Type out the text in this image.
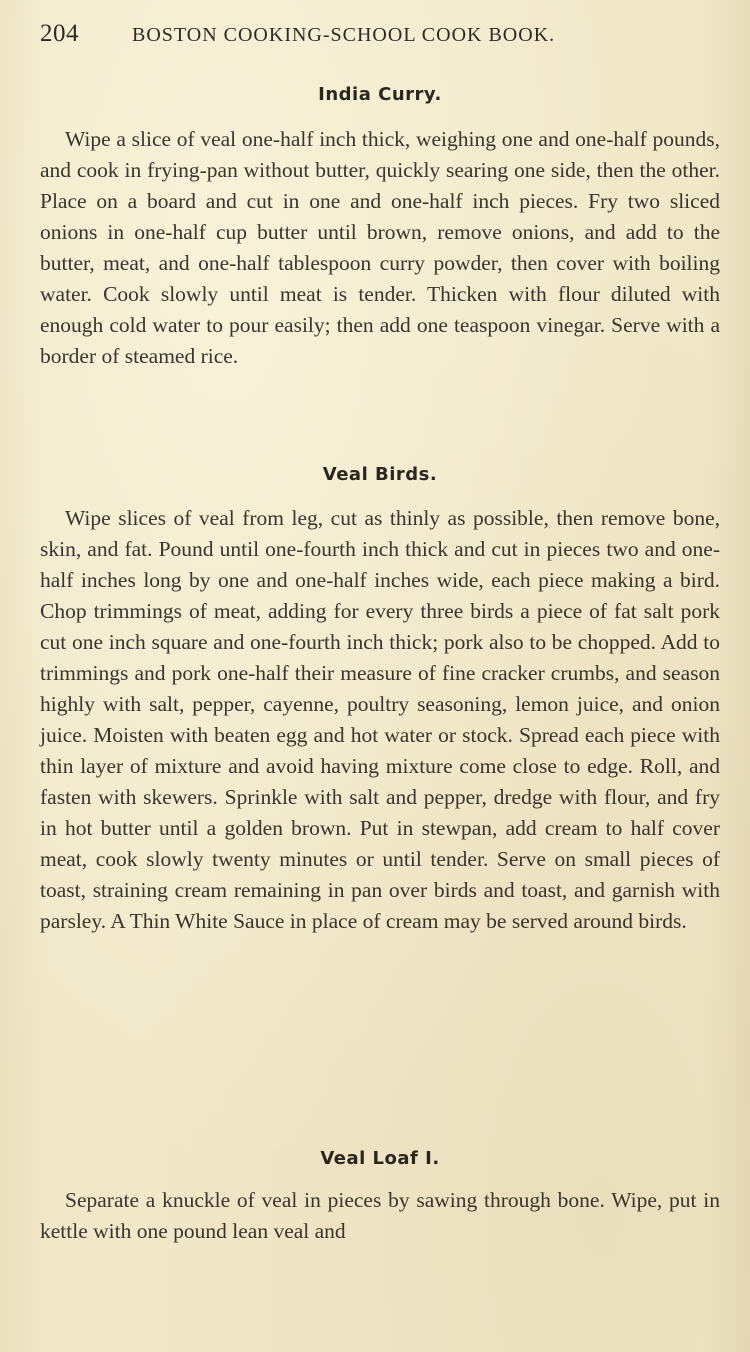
204	BOSTON COOKING-SCHOOL COOK BOOK.
India Curry.

Wipe a slice of veal one-half inch thick, weighing one and one-half pounds, and cook in frying-pan without butter, quickly searing one side, then the other. Place on a board and cut in one and one-half inch pieces. Fry two sliced onions in one-half cup butter until brown, remove onions, and add to the butter, meat, and one-half tablespoon curry powder, then cover with boiling water. Cook slowly until meat is tender. Thicken with flour diluted with enough cold water to pour easily; then add one teaspoon vinegar. Serve with a border of steamed rice.

Veal Birds.

Wipe slices of veal from leg, cut as thinly as possible, then remove bone, skin, and fat. Pound until one-fourth inch thick and cut in pieces two and one-half inches long by one and one-half inches wide, each piece making a bird. Chop trimmings of meat, adding for every three birds a piece of fat salt pork cut one inch square and one-fourth inch thick; pork also to be chopped. Add to trimmings and pork one-half their measure of fine cracker crumbs, and season highly with salt, pepper, cayenne, poultry seasoning, lemon juice, and onion juice. Moisten with beaten egg and hot water or stock. Spread each piece with thin layer of mixture and avoid having mixture come close to edge. Roll, and fasten with skewers. Sprinkle with salt and pepper, dredge with flour, and fry in hot butter until a golden brown. Put in stewpan, add cream to half cover meat, cook slowly twenty minutes or until tender. Serve on small pieces of toast, straining cream remaining in pan over birds and toast, and garnish with parsley. A Thin White Sauce in place of cream may be served around birds.

Veal Loaf I.

Separate a knuckle of veal in pieces by sawing through bone. Wipe, put in kettle with one pound lean veal and
